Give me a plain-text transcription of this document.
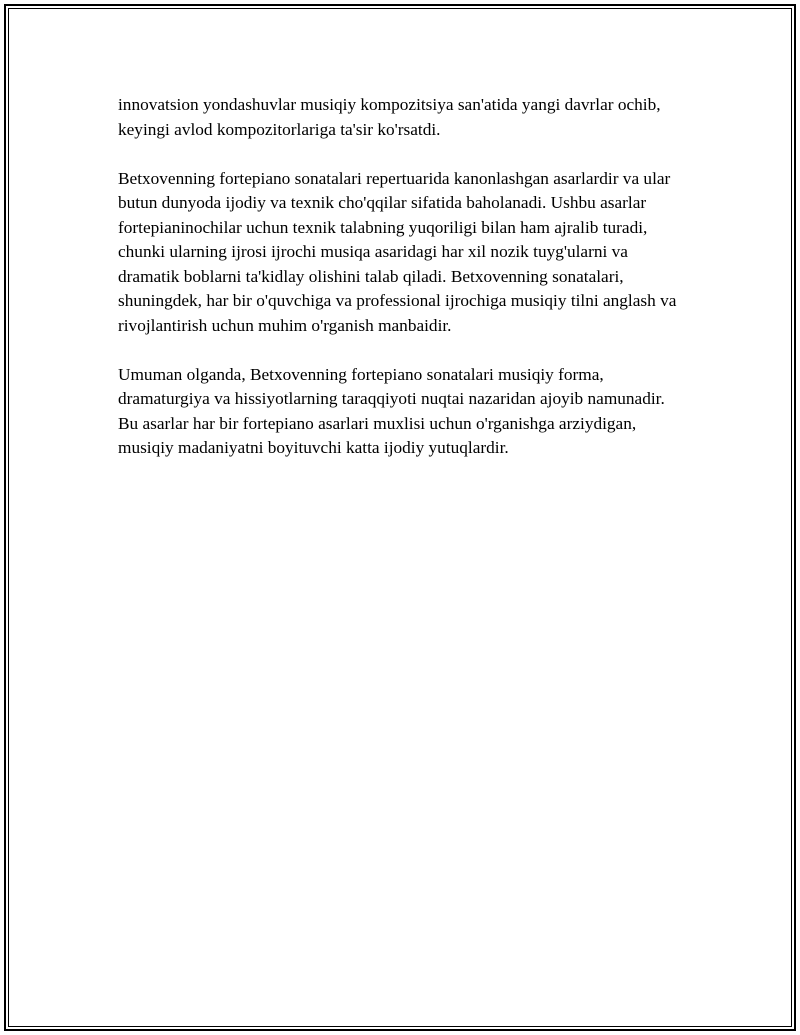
innovatsion yondashuvlar musiqiy kompozitsiya san'atida yangi davrlar ochib, keyingi avlod kompozitorlariga ta'sir ko'rsatdi.

Betxovenning fortepiano sonatalari repertuarida kanonlashgan asarlardir va ular butun dunyoda ijodiy va texnik cho'qqilar sifatida baholanadi. Ushbu asarlar fortepianinochilar uchun texnik talabning yuqoriligi bilan ham ajralib turadi, chunki ularning ijrosi ijrochi musiqa asaridagi har xil nozik tuyg'ularni va dramatik boblarni ta'kidlay olishini talab qiladi. Betxovenning sonatalari, shuningdek, har bir o'quvchiga va professional ijrochiga musiqiy tilni anglash va rivojlantirish uchun muhim o'rganish manbaidir.

Umuman olganda, Betxovenning fortepiano sonatalari musiqiy forma, dramaturgiya va hissiyotlarning taraqqiyoti nuqtai nazaridan ajoyib namunadir. Bu asarlar har bir fortepiano asarlari muxlisi uchun o'rganishga arziydigan, musiqiy madaniyatni boyituvchi katta ijodiy yutuqlardir.
